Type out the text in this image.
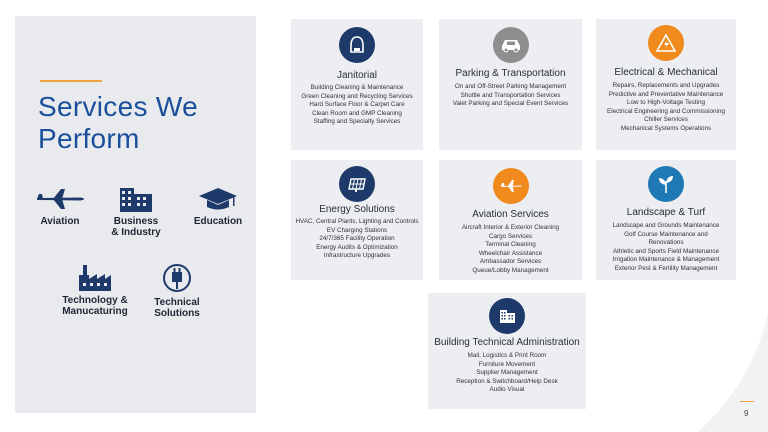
Services We Perform
Aviation	Business & Industry
Education
Technology & Manucaturing
Technical Solutions
Janitorial
Building Cleaning & Maintenance
Green Cleaning and Recycling Services
Hard Surface Floor & Carpet Care
Clean Room and GMP Cleaning
Staffing and Specialty Services
Parking & Transportation
On and Off-Street Parking Management
Shuttle and Transportation Services
Valet Parking and Special Event Services
Electrical & Mechanical
Repairs, Replacements and Upgrades
Predictive and Preventative Maintenance
Low to High-Voltage Testing
Electrical Engineering and Commissioning
Chiller Services
Mechanical Systems Operations
Energy Solutions
HVAC, Central Plants, Lighting and Controls
EV Charging Stations
24/7/365 Facility Operation
Energy Audits & Optimization
Infrastructure Upgrades
Aviation Services
Aircraft Interior & Exterior Cleaning
Cargo Services
Terminal Cleaning
Wheelchair Assistance
Ambassador Services
Queue/Lobby Management
Landscape & Turf
Landscape and Grounds Maintenance
Golf Course Maintenance and
Renovations
Athletic and Sports Field Maintenance
Irrigation Maintenance & Management
Exterior Pest & Fertility Management
Building Technical Administration
Mail, Logistics & Print Room
Furniture Movement
Supplier Management
Reception & Switchboard/Help Desk
Audio Visual
9
